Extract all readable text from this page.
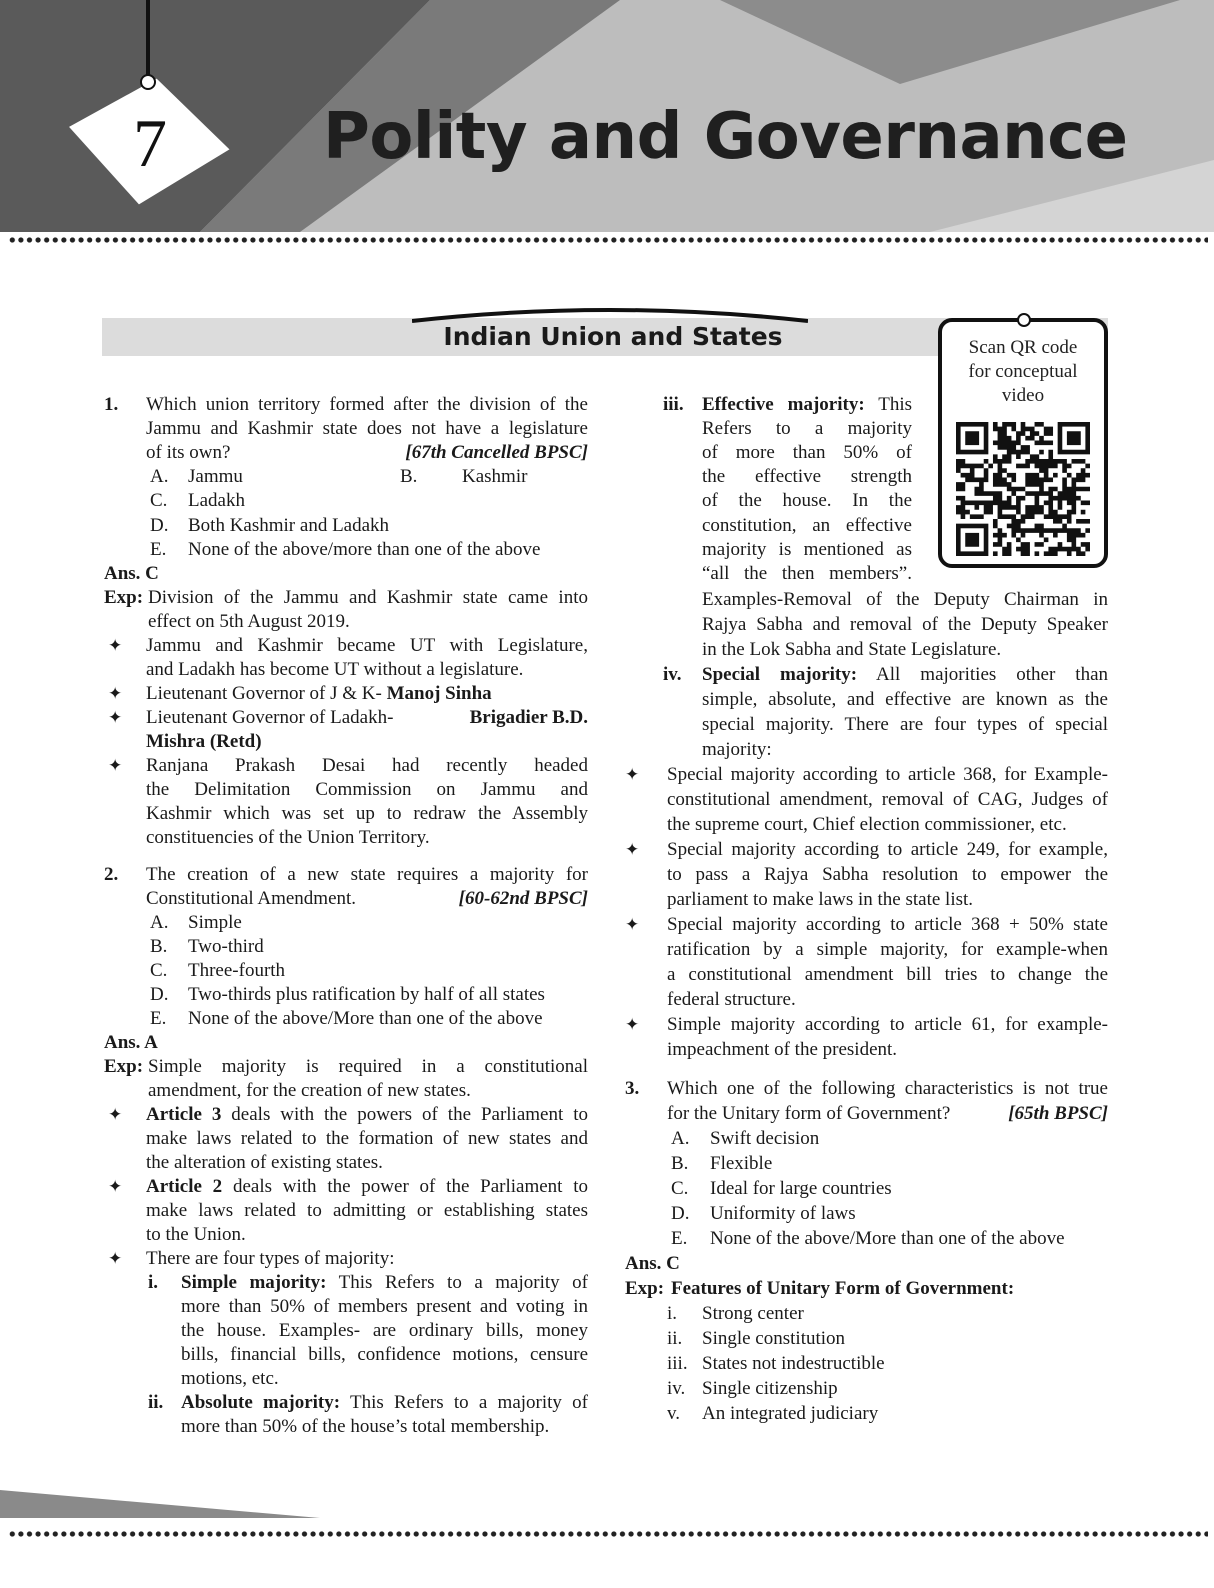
7	Polity and Governance
Indian Union and States	Scan QR code
for conceptual
video
1. Which union territory formed after the division of the
Jammu and Kashmir state does not have a legislature
of its own?	[67th Cancelled BPSC]
A. Jammu	B. Kashmir
C. Ladakh
D. Both Kashmir and Ladakh
E. None of the above/more than one of the above
Ans. C
Exp: Division of the Jammu and Kashmir state came into
effect on 5th August 2019.
✦ Jammu and Kashmir became UT with Legislature,
and Ladakh has become UT without a legislature.
✦ Lieutenant Governor of J & K- Manoj Sinha
✦ Lieutenant Governor of Ladakh-	Brigadier B.D.
Mishra (Retd)
✦ Ranjana Prakash Desai had recently headed
the Delimitation Commission on Jammu and
Kashmir which was set up to redraw the Assembly
constituencies of the Union Territory.
2. The creation of a new state requires a majority for
Constitutional Amendment.	[60-62nd BPSC]
A. Simple
B. Two-third
C. Three-fourth
D. Two-thirds plus ratification by half of all states
E. None of the above/More than one of the above
Ans. A
Exp: Simple majority is required in a constitutional
amendment, for the creation of new states.
✦ Article 3 deals with the powers of the Parliament to
make laws related to the formation of new states and
the alteration of existing states.
✦ Article 2 deals with the power of the Parliament to
make laws related to admitting or establishing states
to the Union.
✦ There are four types of majority:
i. Simple majority: This Refers to a majority of
more than 50% of members present and voting in
the house. Examples- are ordinary bills, money
bills, financial bills, confidence motions, censure
motions, etc.
ii. Absolute majority: This Refers to a majority of
more than 50% of the house’s total membership.
iii. Effective majority: This
Refers to a majority
of more than 50% of
the effective strength
of the house. In the
constitution, an effective
majority is mentioned as
“all the then members”.
Examples-Removal of the Deputy Chairman in
Rajya Sabha and removal of the Deputy Speaker
in the Lok Sabha and State Legislature.
iv. Special majority: All majorities other than
simple, absolute, and effective are known as the
special majority. There are four types of special
majority:
✦ Special majority according to article 368, for Example-
constitutional amendment, removal of CAG, Judges of
the supreme court, Chief election commissioner, etc.
✦ Special majority according to article 249, for example,
to pass a Rajya Sabha resolution to empower the
parliament to make laws in the state list.
✦ Special majority according to article 368 + 50% state
ratification by a simple majority, for example-when
a constitutional amendment bill tries to change the
federal structure.
✦ Simple majority according to article 61, for example-
impeachment of the president.
3. Which one of the following characteristics is not true
for the Unitary form of Government?	[65th BPSC]
A. Swift decision
B. Flexible
C. Ideal for large countries
D. Uniformity of laws
E. None of the above/More than one of the above
Ans. C
Exp: Features of Unitary Form of Government:
i. Strong center
ii. Single constitution
iii. States not indestructible
iv. Single citizenship
v. An integrated judiciary
